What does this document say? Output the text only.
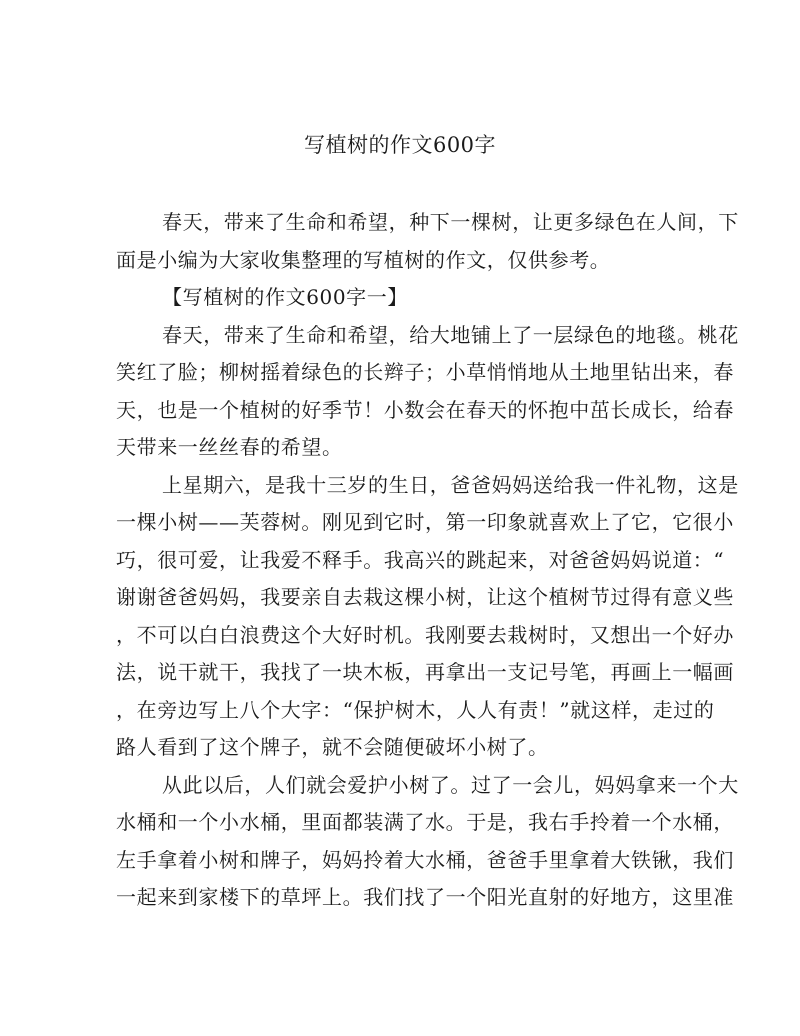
写植树的作文600字
春天，带来了生命和希望，种下一棵树，让更多绿色在人间，下
面是小编为大家收集整理的写植树的作文，仅供参考。
【写植树的作文600字一】
春天，带来了生命和希望，给大地铺上了一层绿色的地毯。桃花
笑红了脸；柳树摇着绿色的长辫子；小草悄悄地从土地里钻出来，春
天，也是一个植树的好季节！小数会在春天的怀抱中茁长成长，给春
天带来一丝丝春的希望。
上星期六，是我十三岁的生日，爸爸妈妈送给我一件礼物，这是
一棵小树——芙蓉树。刚见到它时，第一印象就喜欢上了它，它很小
巧，很可爱，让我爱不释手。我高兴的跳起来，对爸爸妈妈说道：“
谢谢爸爸妈妈，我要亲自去栽这棵小树，让这个植树节过得有意义些
，不可以白白浪费这个大好时机。我刚要去栽树时，又想出一个好办
法，说干就干，我找了一块木板，再拿出一支记号笔，再画上一幅画
，在旁边写上八个大字：“保护树木，人人有责！”就这样，走过的
路人看到了这个牌子，就不会随便破坏小树了。
从此以后，人们就会爱护小树了。过了一会儿，妈妈拿来一个大
水桶和一个小水桶，里面都装满了水。于是，我右手拎着一个水桶，
左手拿着小树和牌子，妈妈拎着大水桶，爸爸手里拿着大铁锹，我们
一起来到家楼下的草坪上。我们找了一个阳光直射的好地方，这里准
